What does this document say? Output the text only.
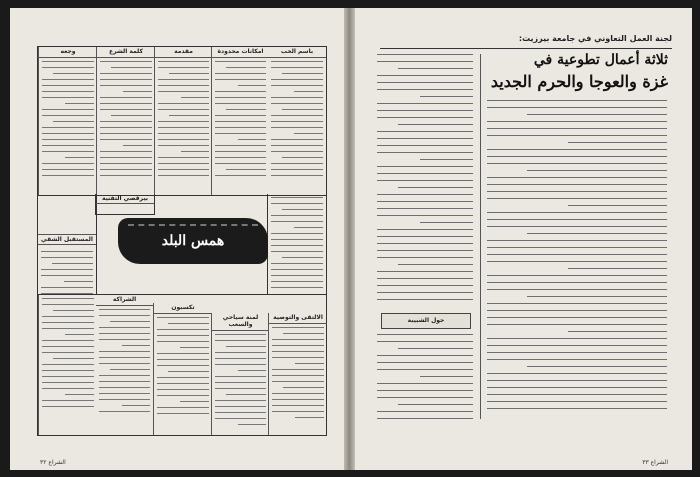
باسم الحب
امكانات محدودة
مقدمة
كلمة الشرع
وجعه
المستقبل الشقي
بيرقصي التفنية
همس البلد
الشراكة
تكسبون
لمنة سياحي والسعب
الالتقى والتوصية
الشراع ٣٢
لجنة العمل التعاوني في جامعة بيرزيت:
ثلاثة أعمال تطوعية في
غزة والعوجا والحرم الجديد
حول الشبيبة
الشراع ٣٣
